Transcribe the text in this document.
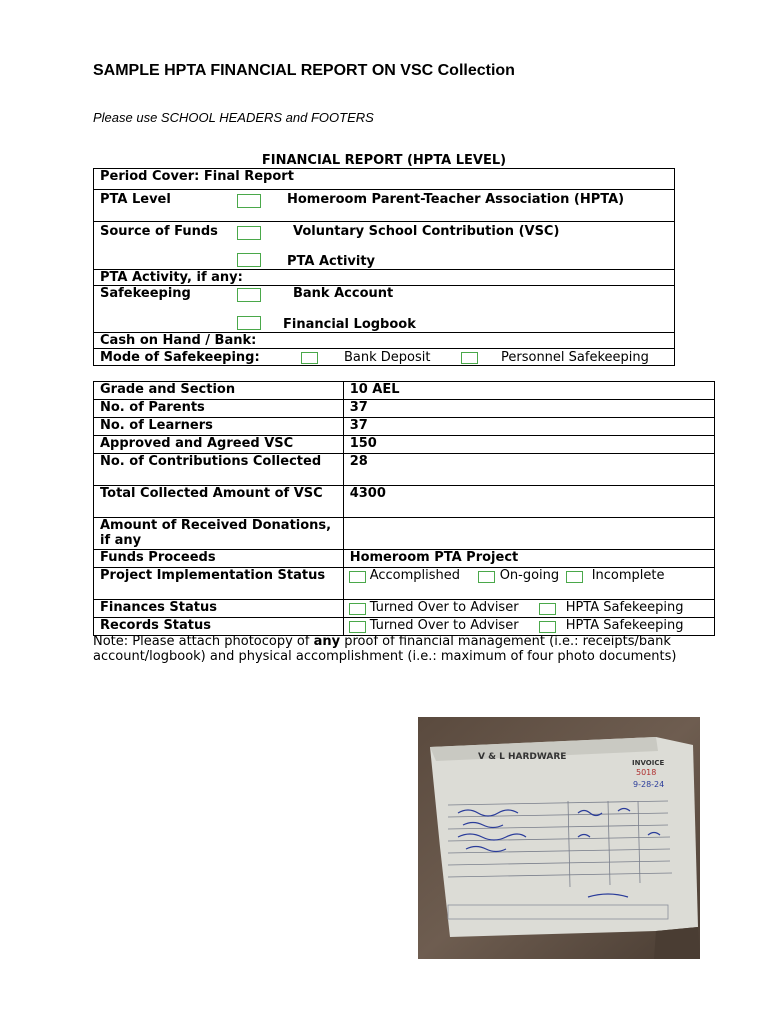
SAMPLE HPTA FINANCIAL REPORT ON VSC Collection
Please use SCHOOL HEADERS and FOOTERS
FINANCIAL REPORT (HPTA LEVEL)
Period Cover: Final Report

PTA Level	Homeroom Parent-Teacher Association (HPTA)

Source of Funds	Voluntary School Contribution (VSC)
PTA Activity

PTA Activity, if any:

Safekeeping	Bank Account
Financial Logbook

Cash on Hand / Bank:

Mode of Safekeeping:	Bank Deposit	Personnel Safekeeping
Grade and Section	10 AEL
No. of Parents	37
No. of Learners	37
Approved and Agreed VSC	150
No. of Contributions Collected	28
Total Collected Amount of VSC	4300
Amount of Received Donations, if any	
Funds Proceeds	Homeroom PTA Project
Project Implementation Status	Accomplished On-going Incomplete

Finances Status	Turned Over to Adviser HPTA Safekeeping

Records Status	Turned Over to Adviser HPTA Safekeeping
Note: Please attach photocopy of any proof of financial management (i.e.: receipts/bank account/logbook) and physical accomplishment (i.e.: maximum of four photo documents)
V & L HARDWARE
INVOICE
5018
9-28-24
